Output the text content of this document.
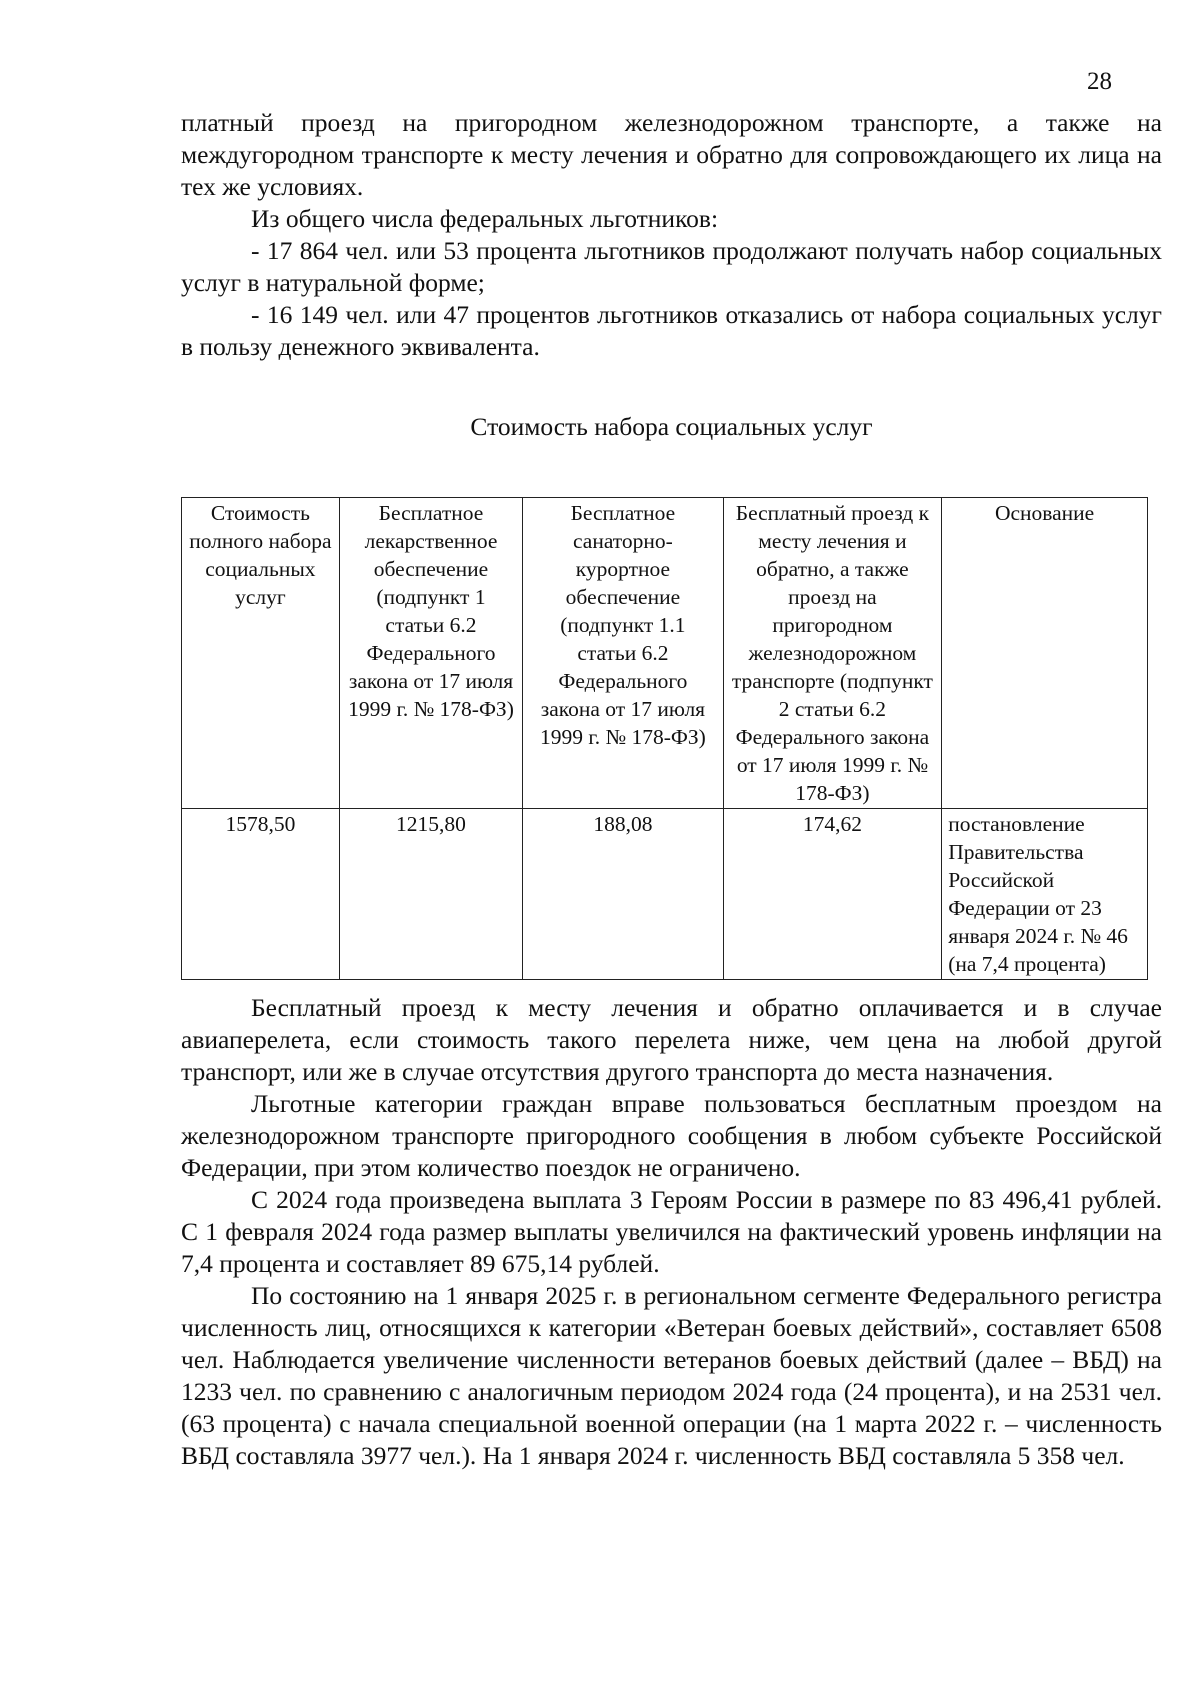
28

платный проезд на пригородном железнодорожном транспорте, а также на междугородном транспорте к месту лечения и обратно для сопровождающего их лица на тех же условиях.

Из общего числа федеральных льготников:

- 17 864 чел. или 53 процента льготников продолжают получать набор социальных услуг в натуральной форме;

- 16 149 чел. или 47 процентов льготников отказались от набора социальных услуг в пользу денежного эквивалента.

Стоимость набора социальных услуг
Стоимость полного набора социальных услуг	Бесплатное лекарственное обеспечение (подпункт 1 статьи 6.2 Федерального закона от 17 июля 1999 г. № 178-ФЗ)	Бесплатное санаторно-курортное обеспечение (подпункт 1.1 статьи 6.2 Федерального закона от 17 июля 1999 г. № 178-ФЗ)	Бесплатный проезд к месту лечения и обратно, а также проезд на пригородном железнодорожном транспорте (подпункт 2 статьи 6.2 Федерального закона от 17 июля 1999 г. № 178-ФЗ)	Основание
1578,50	1215,80	188,08	174,62	постановление Правительства Российской Федерации от 23 января 2024 г. № 46 (на 7,4 процента)

Бесплатный проезд к месту лечения и обратно оплачивается и в случае авиаперелета, если стоимость такого перелета ниже, чем цена на любой другой транспорт, или же в случае отсутствия другого транспорта до места назначения.

Льготные категории граждан вправе пользоваться бесплатным проездом на железнодорожном транспорте пригородного сообщения в любом субъекте Российской Федерации, при этом количество поездок не ограничено.

С 2024 года произведена выплата 3 Героям России в размере по 83 496,41 рублей. С 1 февраля 2024 года размер выплаты увеличился на фактический уровень инфляции на 7,4 процента и составляет 89 675,14 рублей.

По состоянию на 1 января 2025 г. в региональном сегменте Федерального регистра численность лиц, относящихся к категории «Ветеран боевых действий», составляет 6508 чел. Наблюдается увеличение численности ветеранов боевых действий (далее – ВБД) на 1233 чел. по сравнению с аналогичным периодом 2024 года (24 процента), и на 2531 чел. (63 процента) с начала специальной военной операции (на 1 марта 2022 г. – численность ВБД составляла 3977 чел.). На 1 января 2024 г. численность ВБД составляла 5 358 чел.
